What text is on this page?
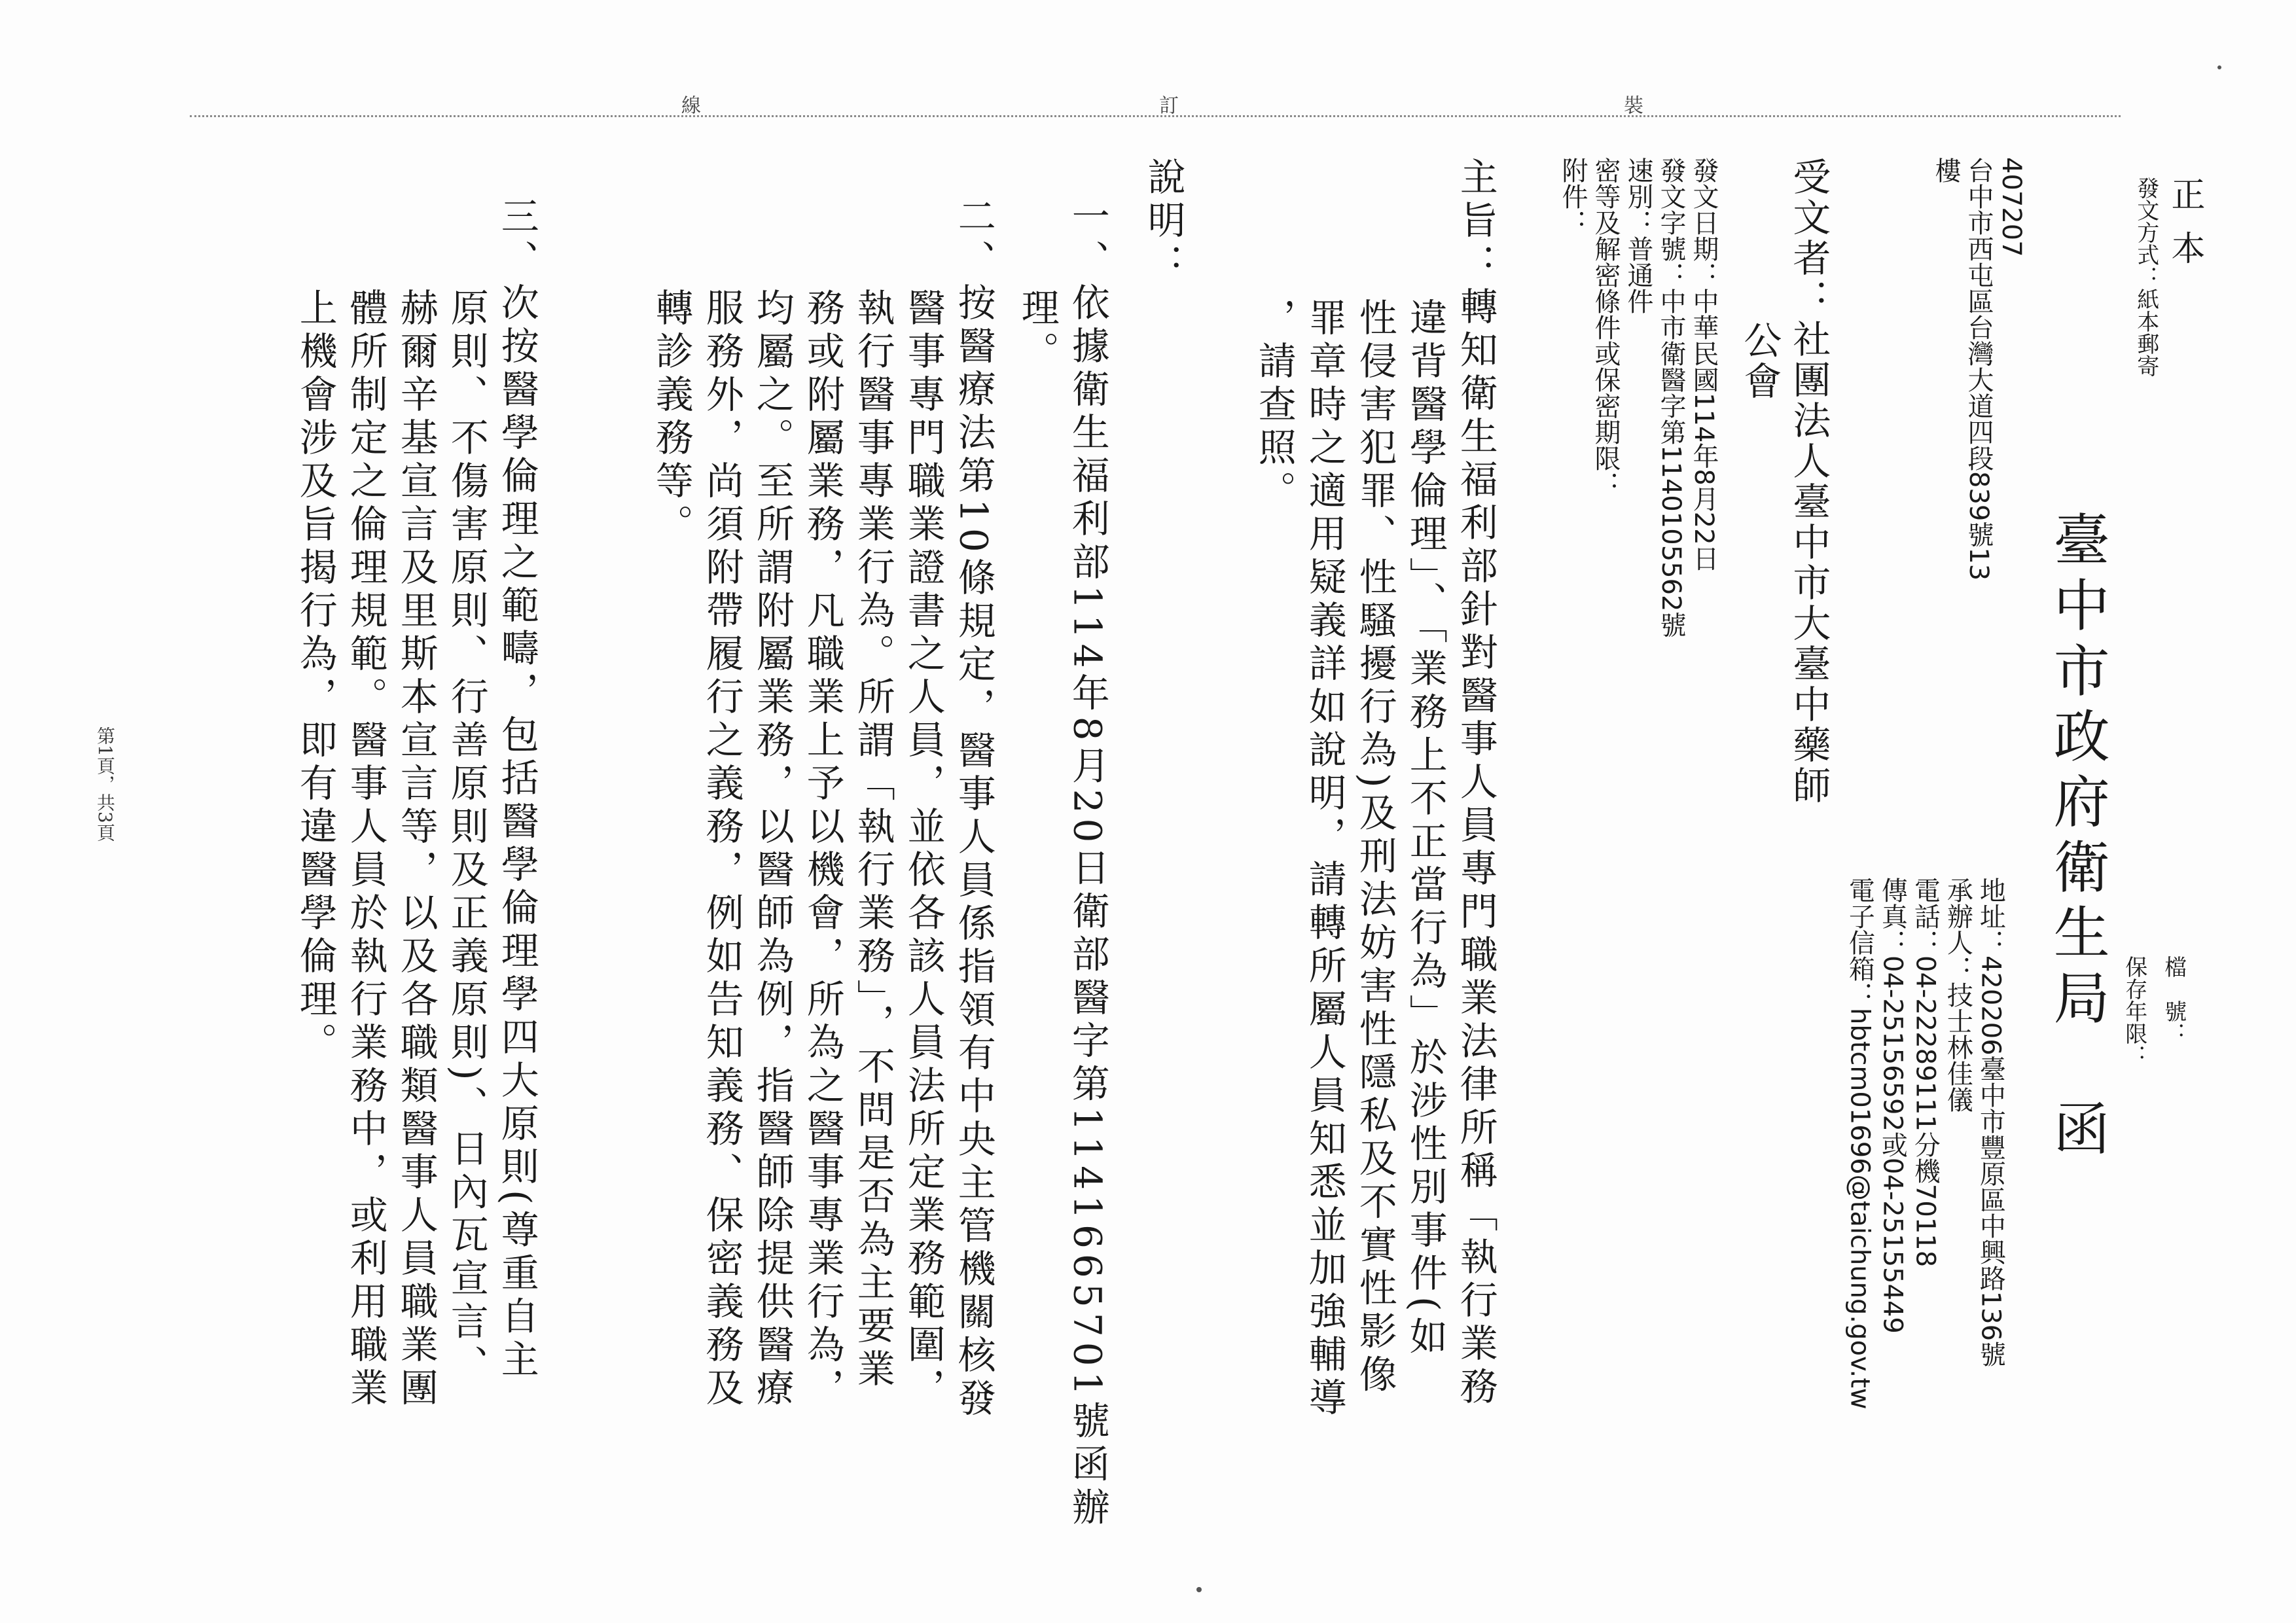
正本
發文方式：紙本郵寄
裝
訂
線
407207
台中市西屯區台灣大道四段839號13
樓
受文者：社團法人臺中市大臺中藥師
公會
發文日期：中華民國114年8月22日
發文字號：中市衛醫字第1140105562號
速別：普通件
密等及解密條件或保密期限：
附件：
臺中市政府衛生局　函 檔　號：
保存年限：
地址：420206臺中市豐原區中興路136號
承辦人：技士林佳儀
電話：04-22289111分機70118
傳真：04-25156592或04-25155449
電子信箱：hbtcm01696@taichung.gov.tw
主旨：轉知衛生福利部針對醫事人員專門職業法律所稱「執行業務
違背醫學倫理」、「業務上不正當行為」於涉性別事件(如
性侵害犯罪、性騷擾行為)及刑法妨害性隱私及不實性影像
罪章時之適用疑義詳如說明，請轉所屬人員知悉並加強輔導
，請查照。
說明：
一、依據衛生福利部114年8月20日衛部醫字第1141665701號函辦
理。
二、按醫療法第10條規定，醫事人員係指領有中央主管機關核發
醫事專門職業證書之人員，並依各該人員法所定業務範圍，
執行醫事專業行為。所謂「執行業務」，不問是否為主要業
務或附屬業務，凡職業上予以機會，所為之醫事專業行為，
均屬之。至所謂附屬業務，以醫師為例，指醫師除提供醫療
服務外，尚須附帶履行之義務，例如告知義務、保密義務及
轉診義務等。
三、次按醫學倫理之範疇，包括醫學倫理學四大原則(尊重自主
原則、不傷害原則、行善原則及正義原則)、日內瓦宣言、
赫爾辛基宣言及里斯本宣言等，以及各職類醫事人員職業團
體所制定之倫理規範。醫事人員於執行業務中，或利用職業
上機會涉及旨揭行為，即有違醫學倫理。
第1頁，共3頁
